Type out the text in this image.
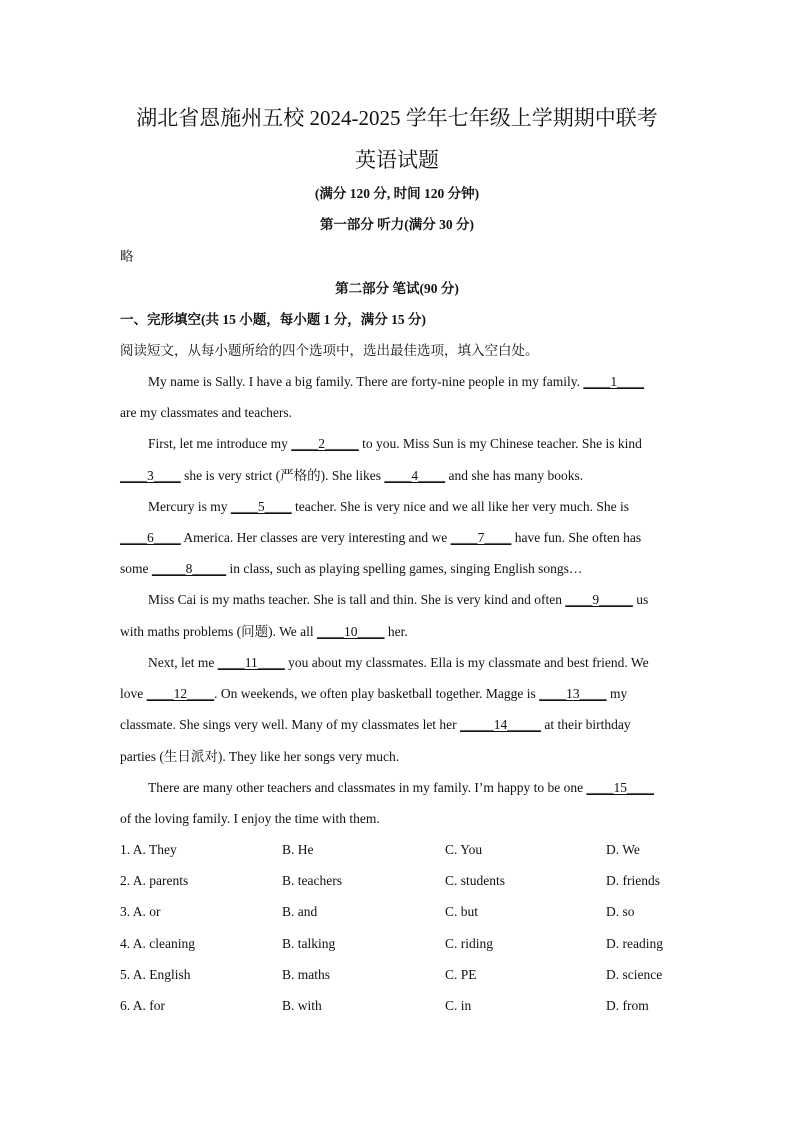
湖北省恩施州五校 2024-2025 学年七年级上学期期中联考
英语试题
(满分 120 分, 时间 120 分钟)
第一部分 听力(满分 30 分)
略
第二部分 笔试(90 分)
一、完形填空(共 15 小题，每小题 1 分，满分 15 分)
阅读短文，从每小题所给的四个选项中，选出最佳选项，填入空白处。
My name is Sally. I have a big family. There are forty-nine people in my family. ____1____
are my classmates and teachers.
First, let me introduce my ____2_____ to you. Miss Sun is my Chinese teacher. She is kind
____3____ she is very strict (严格的). She likes ____4____ and she has many books.
Mercury is my ____5____ teacher. She is very nice and we all like her very much. She is
____6____ America. Her classes are very interesting and we ____7____ have fun. She often has
some _____8_____ in class, such as playing spelling games, singing English songs…
Miss Cai is my maths teacher. She is tall and thin. She is very kind and often ____9_____ us
with maths problems (问题). We all ____10____ her.
Next, let me ____11____ you about my classmates. Ella is my classmate and best friend. We
love ____12____. On weekends, we often play basketball together. Magge is ____13____ my
classmate. She sings very well. Many of my classmates let her _____14_____ at their birthday
parties (生日派对). They like her songs very much.
There are many other teachers and classmates in my family. I’m happy to be one ____15____
of the loving family. I enjoy the time with them.
1. A. They	B. He	C. You	D. We
2. A. parents	B. teachers	C. students	D. friends
3. A. or	B. and	C. but	D. so
4. A. cleaning	B. talking	C. riding	D. reading
5. A. English	B. maths	C. PE	D. science
6. A. for	B. with	C. in	D. from
